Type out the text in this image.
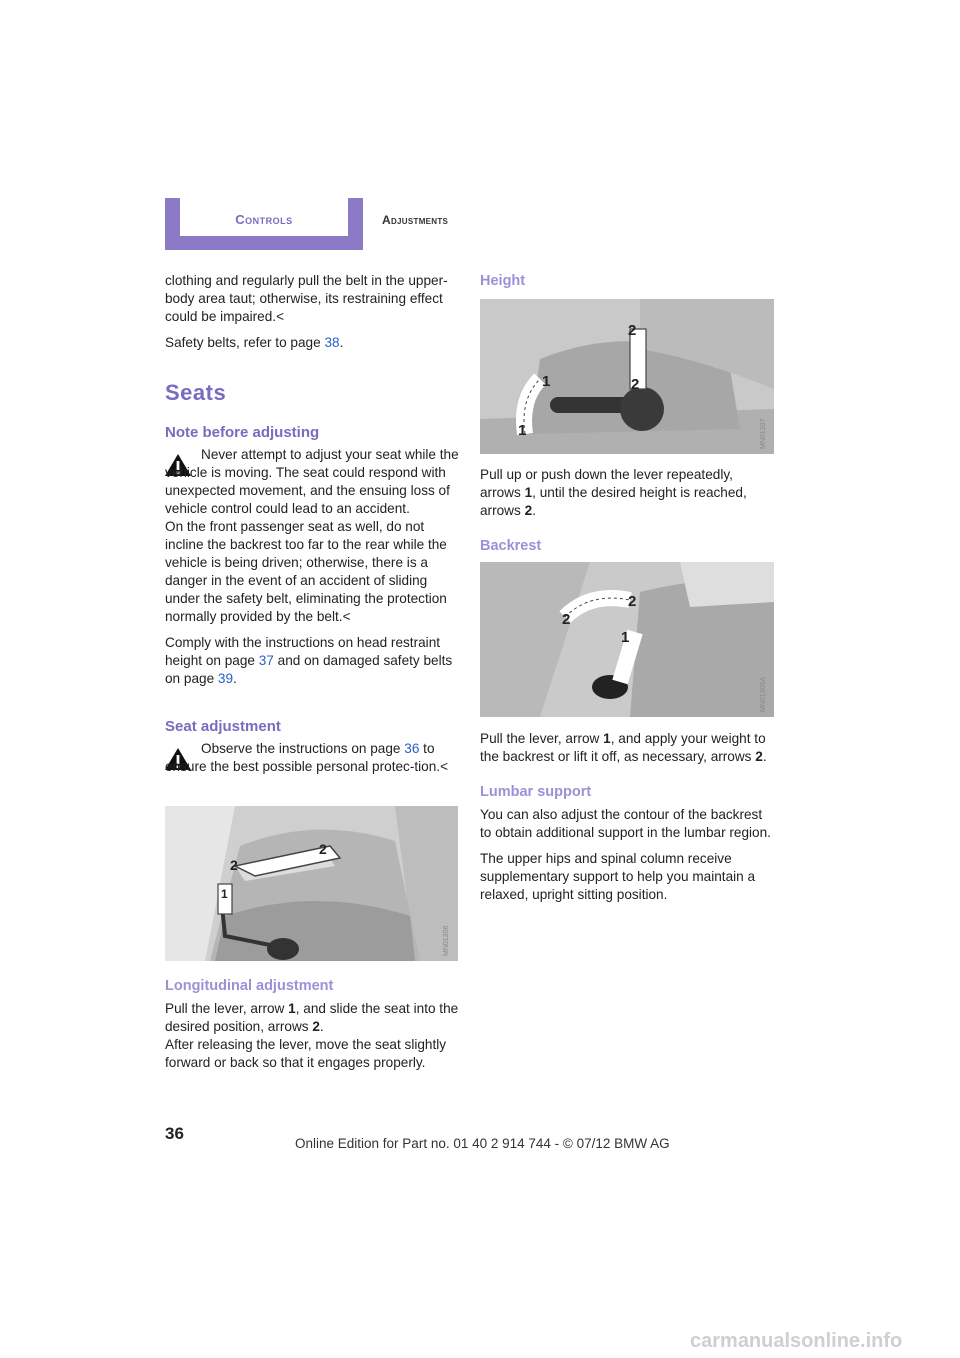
Controls	Adjustments

clothing and regularly pull the belt in the upper-body area taut; otherwise, its restraining effect could be impaired.<

Safety belts, refer to page 38.

Seats
Note before adjusting
Never attempt to adjust your seat while the vehicle is moving. The seat could respond with unexpected movement, and the ensuing loss of vehicle control could lead to an accident.
On the front passenger seat as well, do not incline the backrest too far to the rear while the vehicle is being driven; otherwise, there is a danger in the event of an accident of sliding under the safety belt, eliminating the protection normally provided by the belt.<

Comply with the instructions on head restraint height on page 37 and on damaged safety belts on page 39.

Seat adjustment
Observe the instructions on page 36 to ensure the best possible personal protec-tion.<
2
2
1
MN01306
Longitudinal adjustment
Pull the lever, arrow 1, and slide the seat into the desired position, arrows 2.
After releasing the lever, move the seat slightly forward or back so that it engages properly.
Height
2
2
1
1	MN01307
Pull up or push down the lever repeatedly, arrows 1, until the desired height is reached, arrows 2.
Backrest
2
2
1
MN01305A
Pull the lever, arrow 1, and apply your weight to the backrest or lift it off, as necessary, arrows 2.
Lumbar support

You can also adjust the contour of the backrest to obtain additional support in the lumbar region.

The upper hips and spinal column receive supplementary support to help you maintain a relaxed, upright sitting position.

36
Online Edition for Part no. 01 40 2 914 744 - © 07/12 BMW AG
carmanualsonline.info
